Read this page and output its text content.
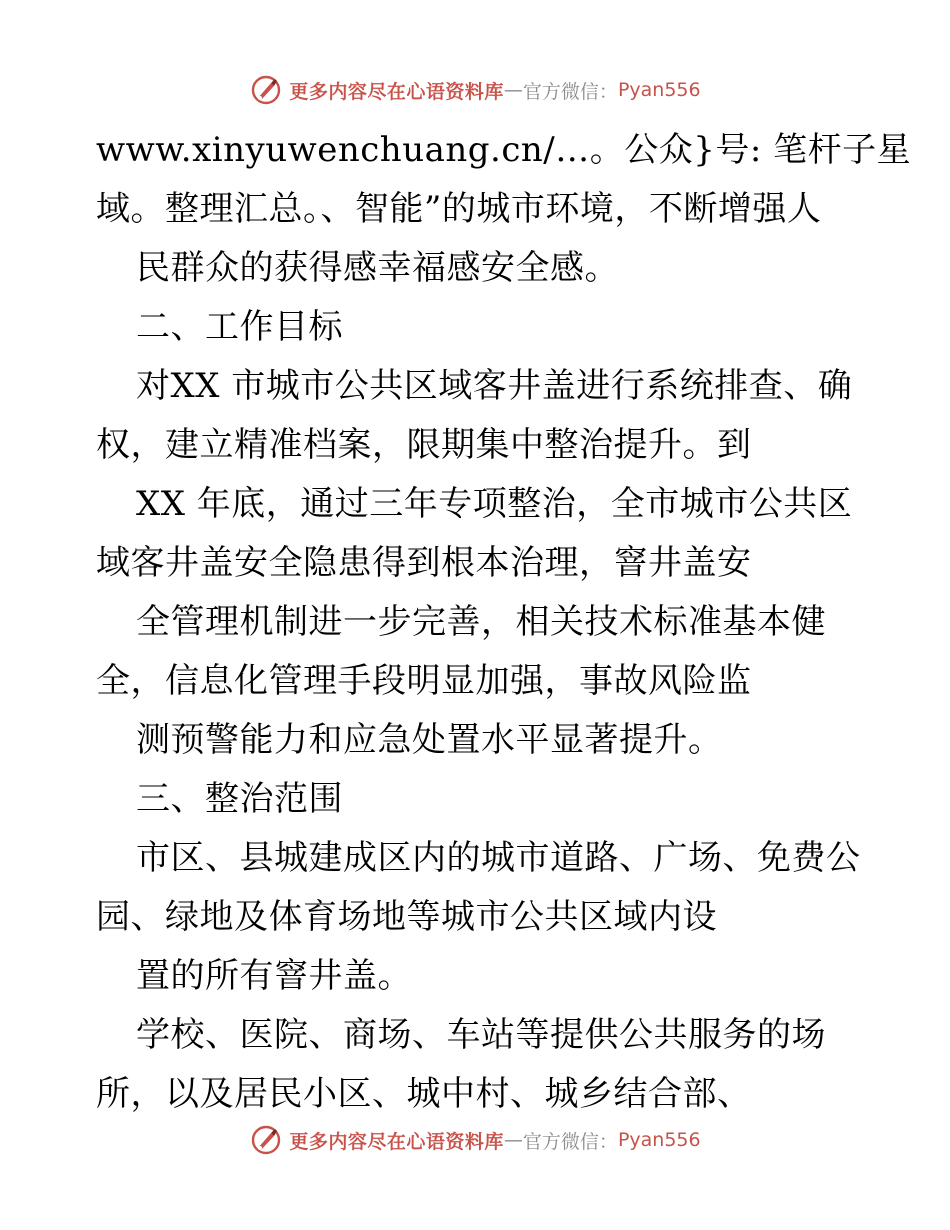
更多内容尽在心语资料库 — 官方微信： Pyan556
www.xinyuwenchuang.cn/…。公众}号: 笔杆子星
域。整理汇总。、智能”的城市环境，不断增强人
民群众的获得感幸福感安全感。
二、工作目标
对XX 市城市公共区域客井盖进行系统排查、确
权，建立精准档案，限期集中整治提升。到
XX 年底，通过三年专项整治，全市城市公共区
域客井盖安全隐患得到根本治理，窨井盖安
全管理机制进一步完善，相关技术标准基本健
全，信息化管理手段明显加强，事故风险监
测预警能力和应急处置水平显著提升。
三、整治范围
市区、县城建成区内的城市道路、广场、免费公
园、绿地及体育场地等城市公共区域内设
置的所有窨井盖。
学校、医院、商场、车站等提供公共服务的场
所，以及居民小区、城中村、城乡结合部、
更多内容尽在心语资料库 — 官方微信： Pyan556
